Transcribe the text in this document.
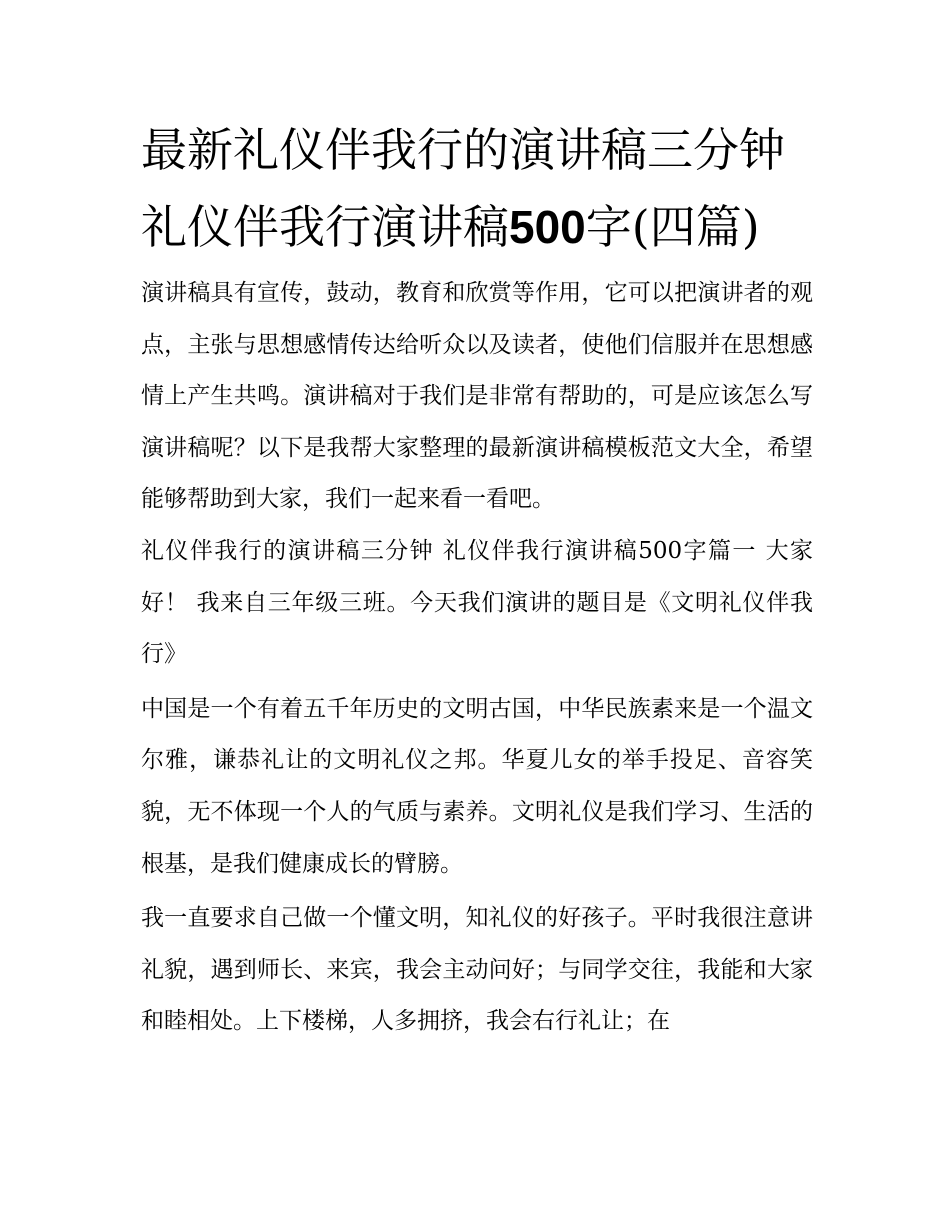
最新礼仪伴我行的演讲稿三分钟 礼仪伴我行演讲稿500字(四篇)

演讲稿具有宣传，鼓动，教育和欣赏等作用，它可以把演讲者的观点，主张与思想感情传达给听众以及读者，使他们信服并在思想感情上产生共鸣。演讲稿对于我们是非常有帮助的，可是应该怎么写演讲稿呢？以下是我帮大家整理的最新演讲稿模板范文大全，希望能够帮助到大家，我们一起来看一看吧。

礼仪伴我行的演讲稿三分钟 礼仪伴我行演讲稿500字篇一 大家好！ 我来自三年级三班。今天我们演讲的题目是《文明礼仪伴我行》

中国是一个有着五千年历史的文明古国，中华民族素来是一个温文尔雅，谦恭礼让的文明礼仪之邦。华夏儿女的举手投足、音容笑貌，无不体现一个人的气质与素养。文明礼仪是我们学习、生活的根基，是我们健康成长的臂膀。

我一直要求自己做一个懂文明，知礼仪的好孩子。平时我很注意讲礼貌，遇到师长、来宾，我会主动问好；与同学交往，我能和大家和睦相处。上下楼梯，人多拥挤，我会右行礼让；在
